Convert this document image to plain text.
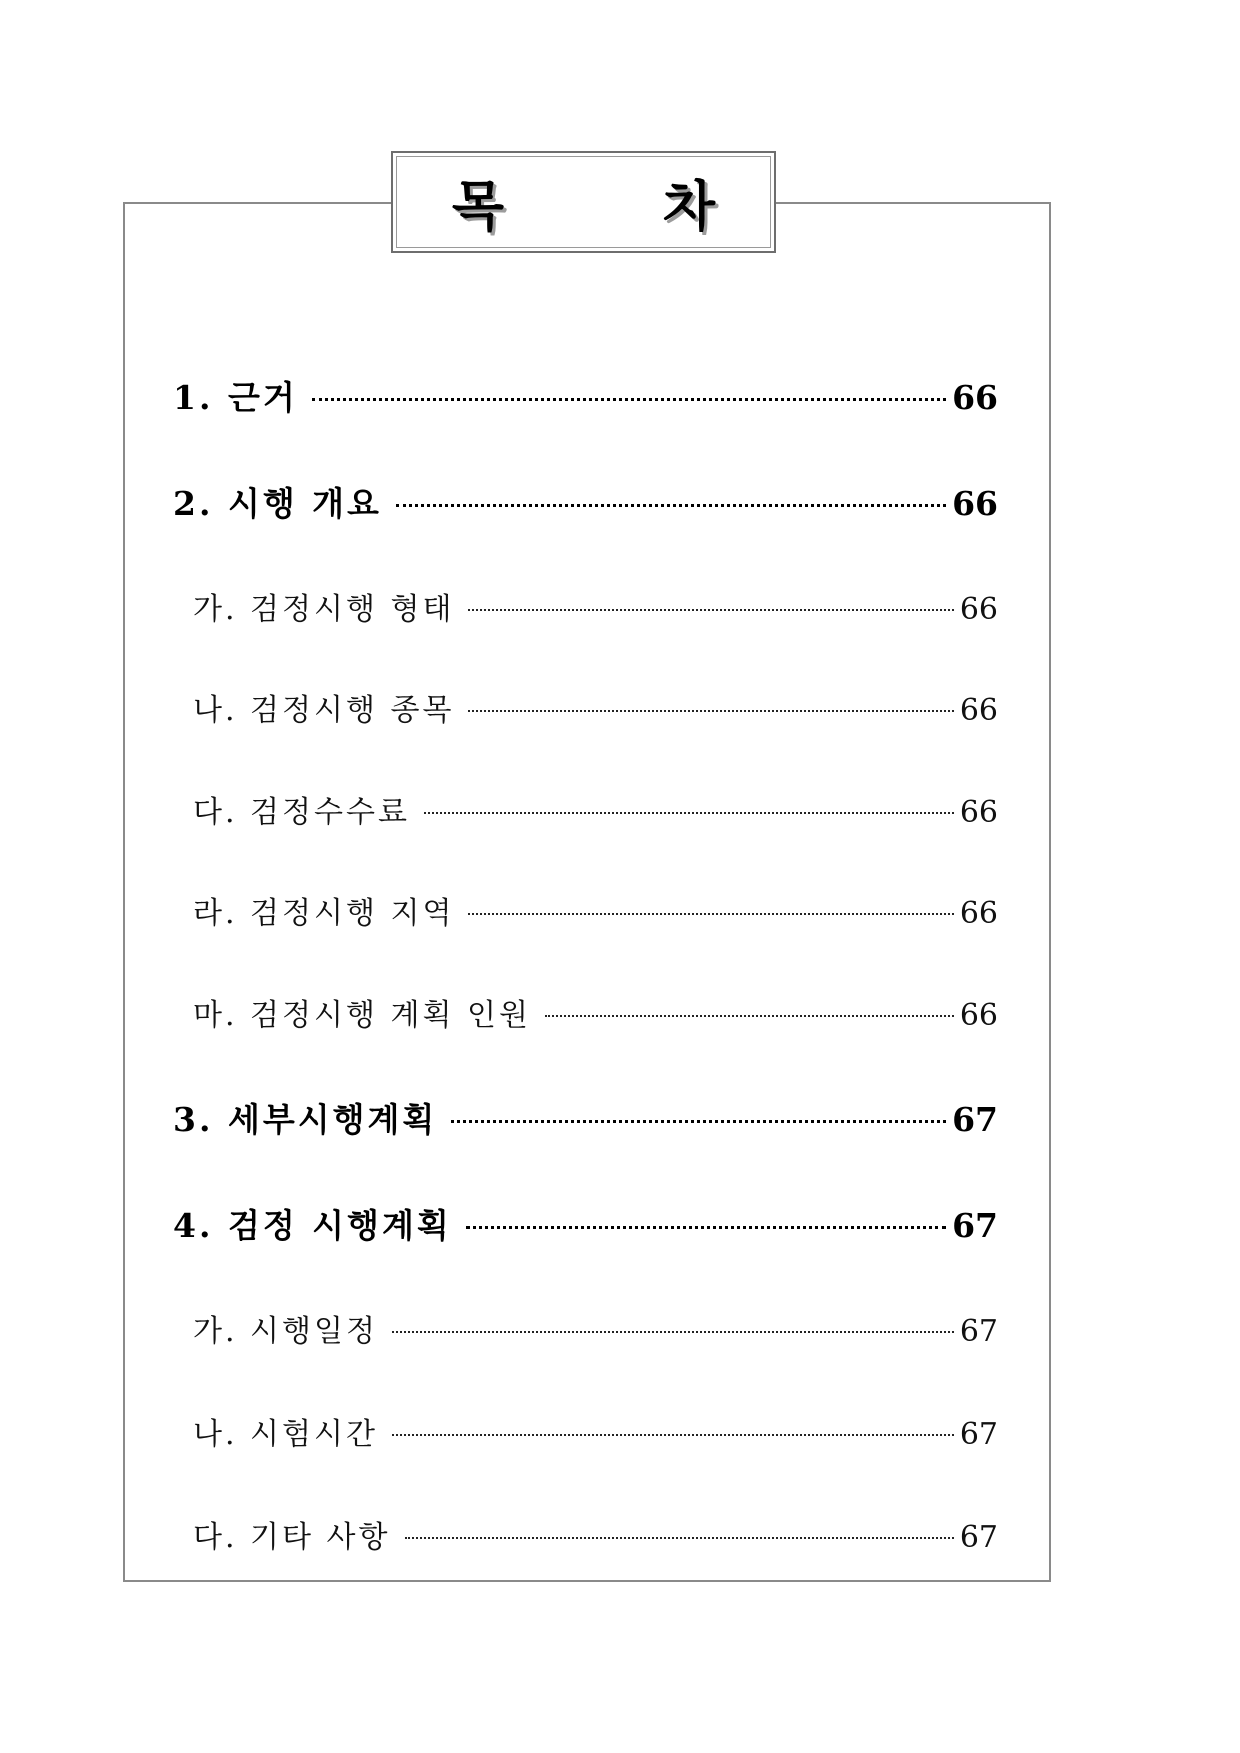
목 차
1. 근거	66
2. 시행 개요	66
가. 검정시행 형태	66
나. 검정시행 종목	66
다. 검정수수료	66
라. 검정시행 지역	66
마. 검정시행 계획 인원	66
3. 세부시행계획	67
4. 검정 시행계획	67
가. 시행일정	67
나. 시험시간	67
다. 기타 사항	67
